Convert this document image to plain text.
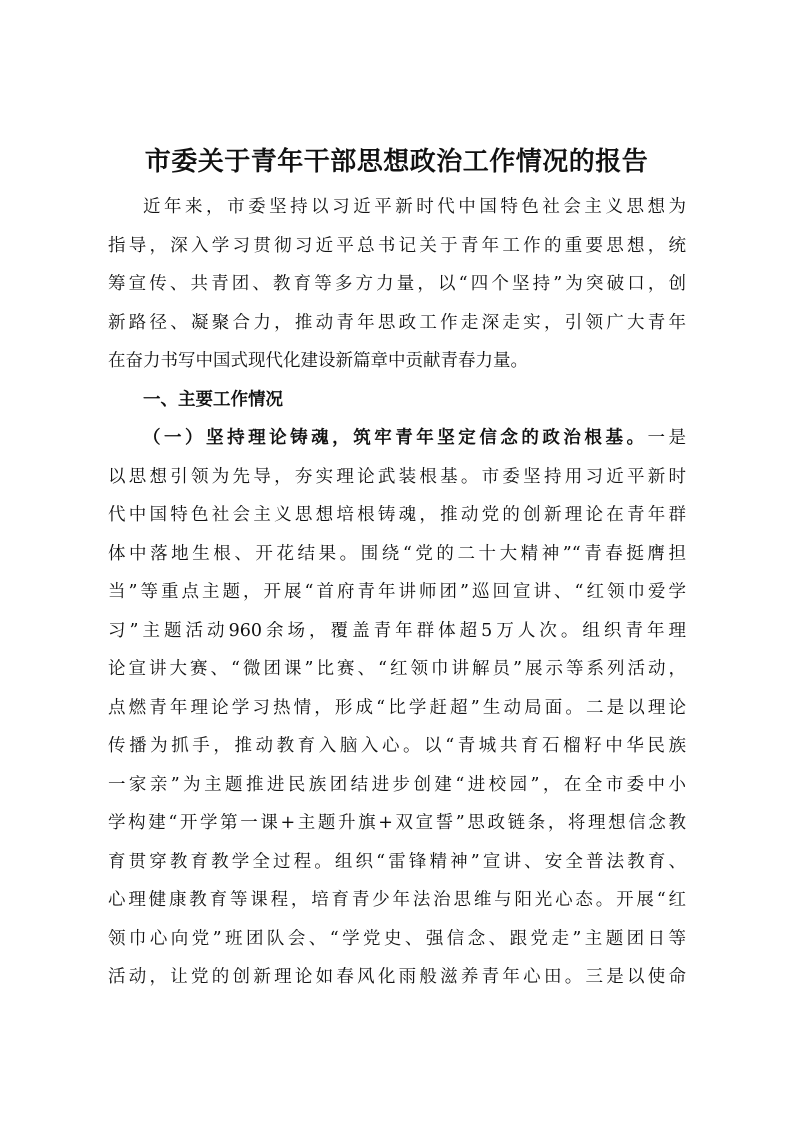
市委关于青年干部思想政治工作情况的报告
近年来，市委坚持以习近平新时代中国特色社会主义思想为
指导，深入学习贯彻习近平总书记关于青年工作的重要思想，统
筹宣传、共青团、教育等多方力量，以“四个坚持”为突破口，创
新路径、凝聚合力，推动青年思政工作走深走实，引领广大青年
在奋力书写中国式现代化建设新篇章中贡献青春力量。
一、主要工作情况
（一）坚持理论铸魂，筑牢青年坚定信念的政治根基。一是
以思想引领为先导，夯实理论武装根基。市委坚持用习近平新时
代中国特色社会主义思想培根铸魂，推动党的创新理论在青年群
体中落地生根、开花结果。围绕“党的二十大精神”“青春挺膺担
当”等重点主题，开展“首府青年讲师团”巡回宣讲、“红领巾爱学
习”主题活动960余场，覆盖青年群体超5万人次。组织青年理
论宣讲大赛、“微团课”比赛、“红领巾讲解员”展示等系列活动，
点燃青年理论学习热情，形成“比学赶超”生动局面。二是以理论
传播为抓手，推动教育入脑入心。以“青城共育石榴籽中华民族
一家亲”为主题推进民族团结进步创建“进校园”，在全市委中小
学构建“开学第一课+主题升旗+双宣誓”思政链条，将理想信念教
育贯穿教育教学全过程。组织“雷锋精神”宣讲、安全普法教育、
心理健康教育等课程，培育青少年法治思维与阳光心态。开展“红
领巾心向党”班团队会、“学党史、强信念、跟党走”主题团日等
活动，让党的创新理论如春风化雨般滋养青年心田。三是以使命
